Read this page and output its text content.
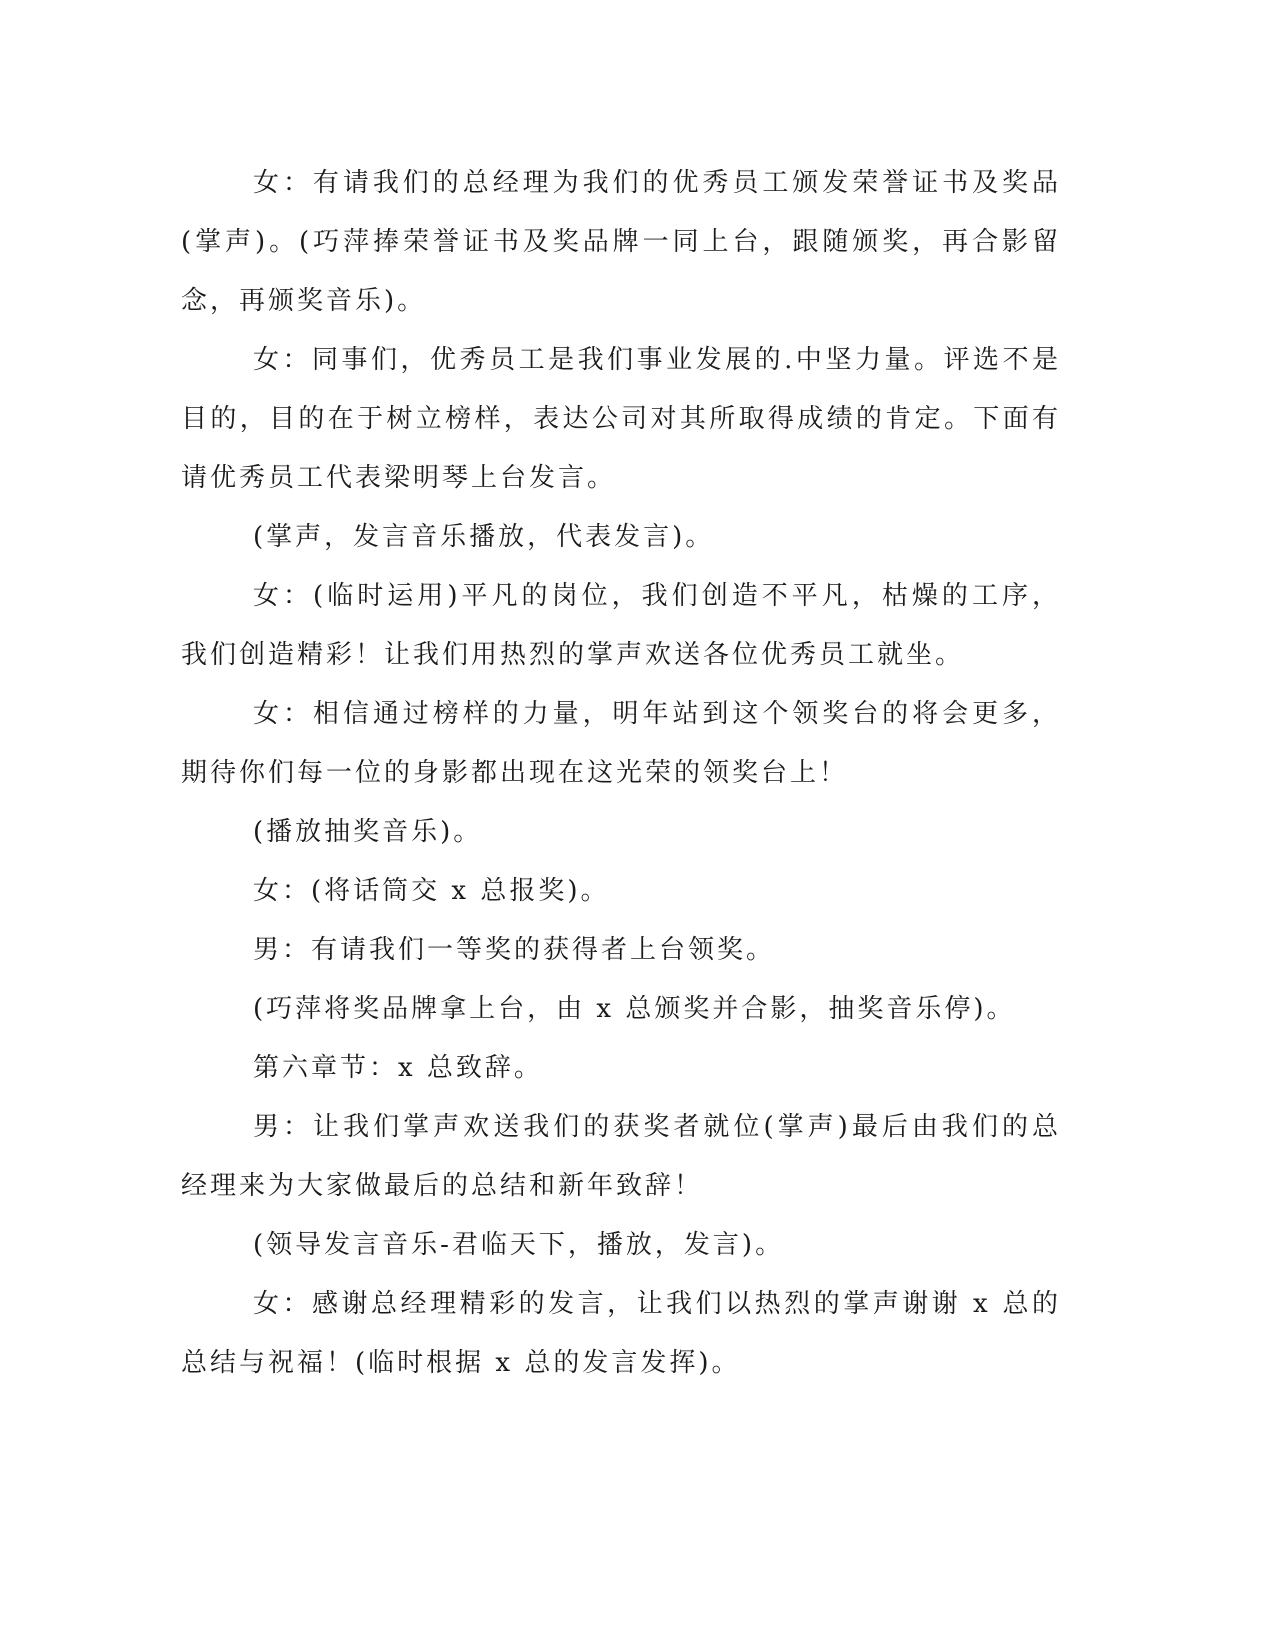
女：有请我们的总经理为我们的优秀员工颁发荣誉证书及奖品(掌声)。(巧萍捧荣誉证书及奖品牌一同上台，跟随颁奖，再合影留念，再颁奖音乐)。

女：同事们，优秀员工是我们事业发展的.中坚力量。评选不是目的，目的在于树立榜样，表达公司对其所取得成绩的肯定。下面有请优秀员工代表梁明琴上台发言。

(掌声，发言音乐播放，代表发言)。

女：(临时运用)平凡的岗位，我们创造不平凡，枯燥的工序，我们创造精彩！让我们用热烈的掌声欢送各位优秀员工就坐。

女：相信通过榜样的力量，明年站到这个领奖台的将会更多，期待你们每一位的身影都出现在这光荣的领奖台上！

(播放抽奖音乐)。

女：(将话筒交 x 总报奖)。

男：有请我们一等奖的获得者上台领奖。

(巧萍将奖品牌拿上台，由 x 总颁奖并合影，抽奖音乐停)。

第六章节：x 总致辞。

男：让我们掌声欢送我们的获奖者就位(掌声)最后由我们的总经理来为大家做最后的总结和新年致辞！

(领导发言音乐-君临天下，播放，发言)。

女：感谢总经理精彩的发言，让我们以热烈的掌声谢谢 x 总的总结与祝福！(临时根据 x 总的发言发挥)。
